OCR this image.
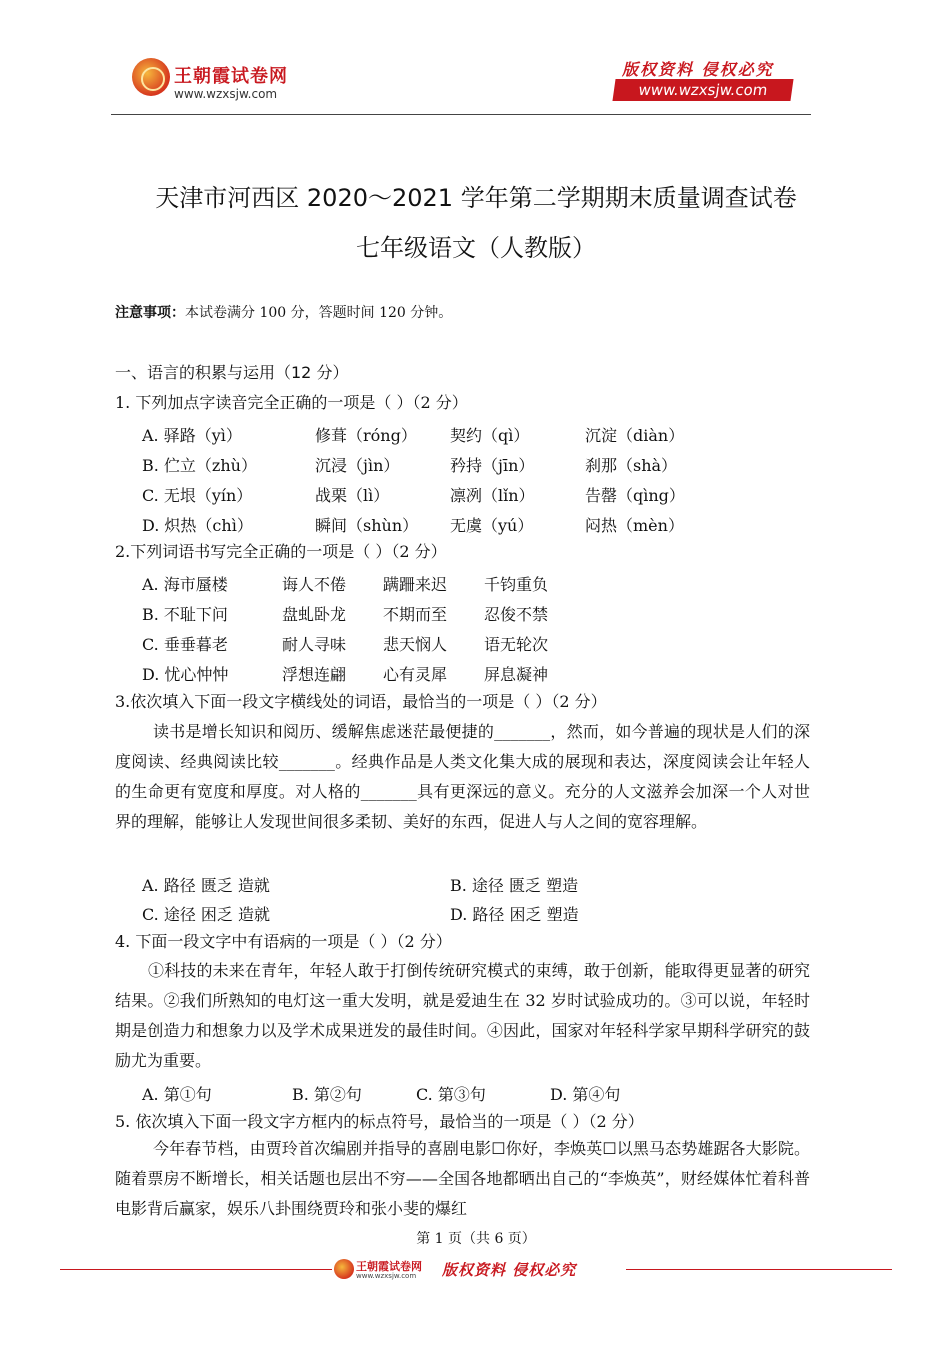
王朝霞试卷网
www.wzxsjw.com
版权资料 侵权必究
www.wzxsjw.com
天津市河西区 2020～2021 学年第二学期期末质量调查试卷
七年级语文（人教版）
注意事项：本试卷满分 100 分，答题时间 120 分钟。
一、语言的积累与运用（12 分）
1. 下列加点字读音完全正确的一项是（ ）（2 分）
A. 驿路（yì）	修葺（róng） 契约（qì）	沉淀（diàn）
B. 伫立（zhù）	沉浸（jìn）	矜持（jīn）	刹那（shà）
C. 无垠（yín）	战栗（lì）	凛冽（lǐn）	告罄（qìng）
D. 炽热（chì）	瞬间（shùn） 无虞（yú）	闷热（mèn）
2.下列词语书写完全正确的一项是（ ）（2 分）
A. 海市蜃楼	诲人不倦 蹒跚来迟 千钧重负
B. 不耻下问	盘虬卧龙 不期而至 忍俊不禁
C. 垂垂暮老	耐人寻味 悲天悯人 语无轮次
D. 忧心忡忡	浮想连翩 心有灵犀 屏息凝神
3.依次填入下面一段文字横线处的词语，最恰当的一项是（ ）（2 分）
读书是增长知识和阅历、缓解焦虑迷茫最便捷的_______，然而，如今普遍的现状是人们的深度阅读、经典阅读比较_______。经典作品是人类文化集大成的展现和表达，深度阅读会让年轻人的生命更有宽度和厚度。对人格的_______具有更深远的意义。充分的人文滋养会加深一个人对世界的理解，能够让人发现世间很多柔韧、美好的东西，促进人与人之间的宽容理解。
A. 路径 匮乏 造就	B. 途径 匮乏 塑造
C. 途径 困乏 造就	D. 路径 困乏 塑造
4. 下面一段文字中有语病的一项是（ ）（2 分）
①科技的未来在青年，年轻人敢于打倒传统研究模式的束缚，敢于创新，能取得更显著的研究结果。②我们所熟知的电灯这一重大发明，就是爱迪生在 32 岁时试验成功的。③可以说，年轻时期是创造力和想象力以及学术成果迸发的最佳时间。④因此，国家对年轻科学家早期科学研究的鼓励尤为重要。
A. 第①句	B. 第②句	C. 第③句	D. 第④句
5. 依次填入下面一段文字方框内的标点符号，最恰当的一项是（ ）（2 分）
今年春节档，由贾玲首次编剧并指导的喜剧电影☐你好，李焕英☐以黑马态势雄踞各大影院。随着票房不断增长，相关话题也层出不穷——全国各地都晒出自己的“李焕英”，财经媒体忙着科普电影背后赢家，娱乐八卦围绕贾玲和张小斐的爆红
第 1 页（共 6 页）
王朝霞试卷网
www.wzxsjw.com 版权资料 侵权必究
